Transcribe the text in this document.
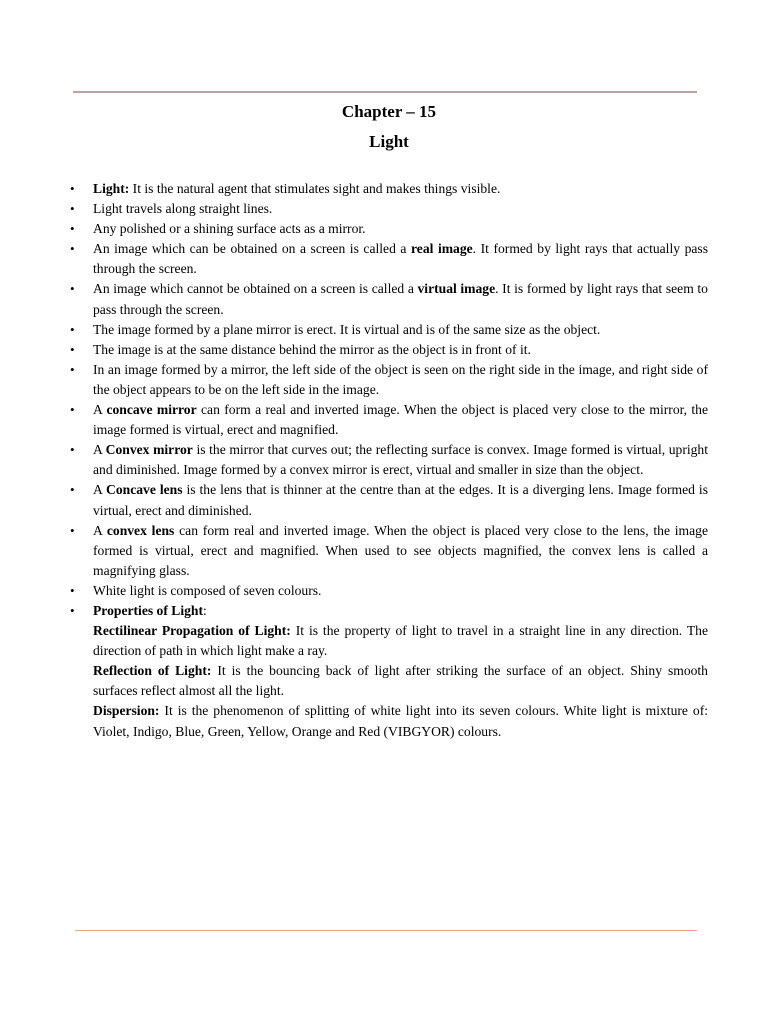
Chapter – 15
Light
• Light: It is the natural agent that stimulates sight and makes things visible.
• Light travels along straight lines.
• Any polished or a shining surface acts as a mirror.
• An image which can be obtained on a screen is called a real image. It formed by light rays that actually pass through the screen.
• An image which cannot be obtained on a screen is called a virtual image. It is formed by light rays that seem to pass through the screen.
• The image formed by a plane mirror is erect. It is virtual and is of the same size as the object.
• The image is at the same distance behind the mirror as the object is in front of it.
• In an image formed by a mirror, the left side of the object is seen on the right side in the image, and right side of the object appears to be on the left side in the image.
• A concave mirror can form a real and inverted image. When the object is placed very close to the mirror, the image formed is virtual, erect and magnified.
• A Convex mirror is the mirror that curves out; the reflecting surface is convex. Image formed is virtual, upright and diminished. Image formed by a convex mirror is erect, virtual and smaller in size than the object.
• A Concave lens is the lens that is thinner at the centre than at the edges. It is a diverging lens. Image formed is virtual, erect and diminished.
• A convex lens can form real and inverted image. When the object is placed very close to the lens, the image formed is virtual, erect and magnified. When used to see objects magnified, the convex lens is called a magnifying glass.
• White light is composed of seven colours.
• Properties of Light:
Rectilinear Propagation of Light: It is the property of light to travel in a straight line in any direction. The direction of path in which light make a ray.
Reflection of Light: It is the bouncing back of light after striking the surface of an object. Shiny smooth surfaces reflect almost all the light.
Dispersion: It is the phenomenon of splitting of white light into its seven colours. White light is mixture of: Violet, Indigo, Blue, Green, Yellow, Orange and Red (VIBGYOR) colours.
